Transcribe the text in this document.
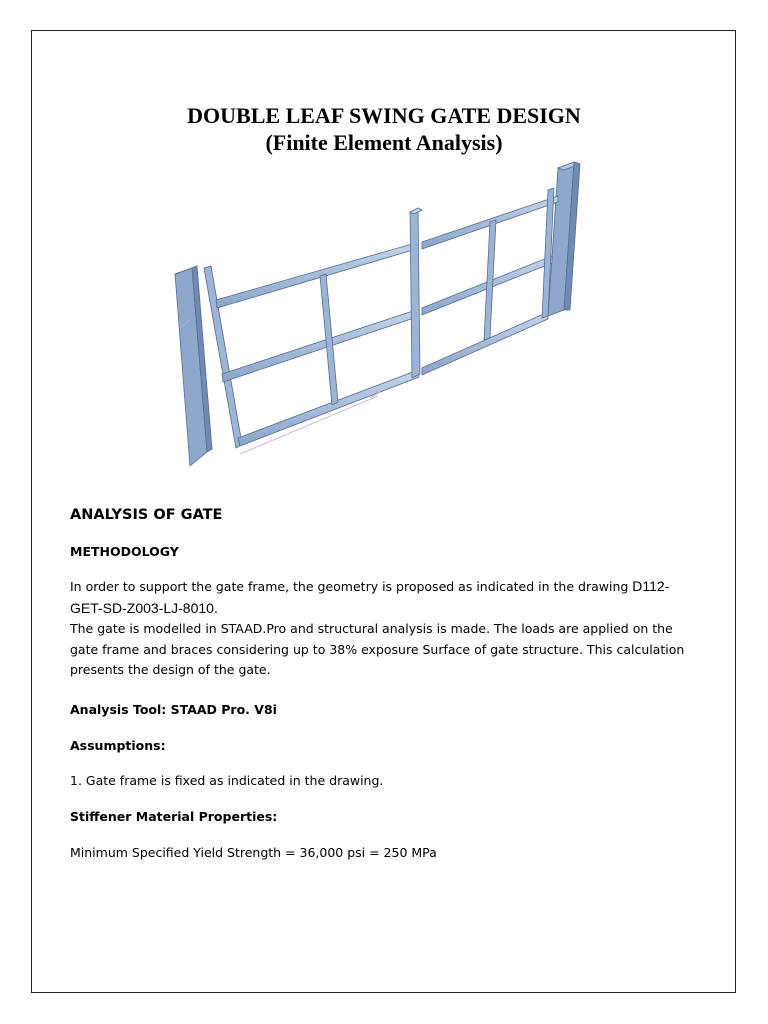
DOUBLE LEAF SWING GATE DESIGN
(Finite Element Analysis)
ANALYSIS OF GATE
METHODOLOGY
In order to support the gate frame, the geometry is proposed as indicated in the drawing D112-
GET-SD-Z003-LJ-8010.
The gate is modelled in STAAD.Pro and structural analysis is made. The loads are applied on the gate frame and braces considering up to 38% exposure Surface of gate structure. This calculation presents the design of the gate.
Analysis Tool: STAAD Pro. V8i
Assumptions:
1. Gate frame is fixed as indicated in the drawing.
Stiffener Material Properties:
Minimum Specified Yield Strength = 36,000 psi = 250 MPa
